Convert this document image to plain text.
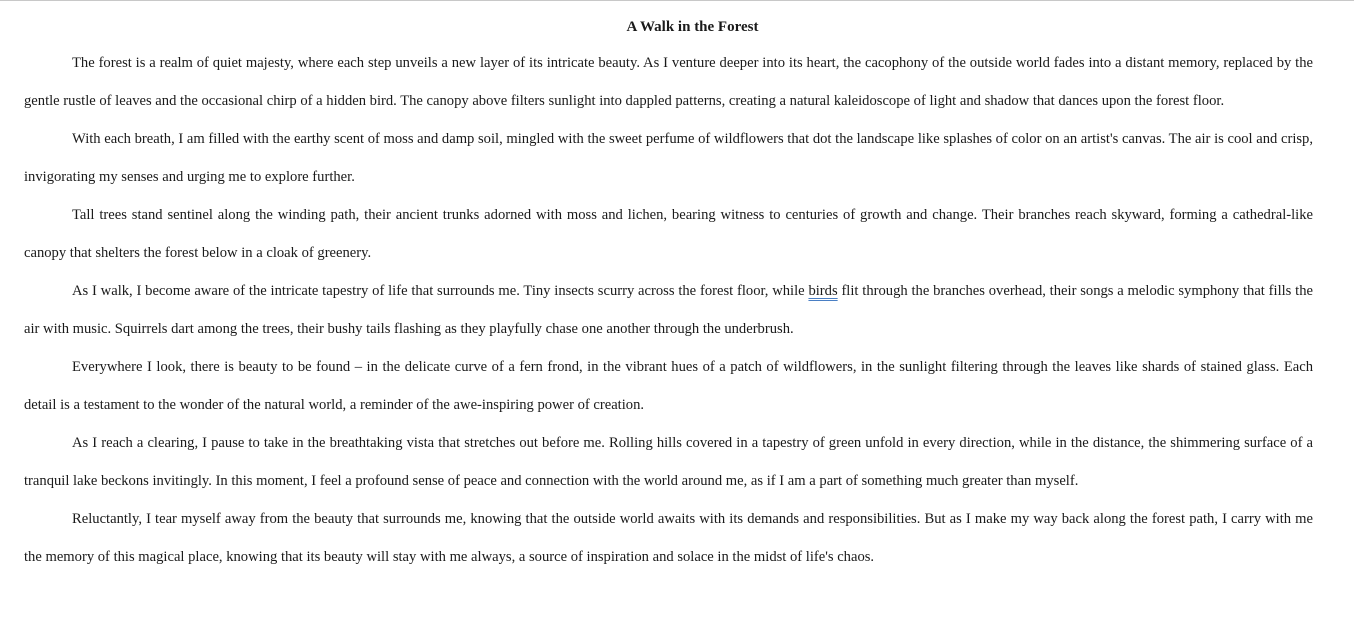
A Walk in the Forest

The forest is a realm of quiet majesty, where each step unveils a new layer of its intricate beauty. As I venture deeper into its heart, the cacophony of the outside world fades into a distant memory, replaced by the gentle rustle of leaves and the occasional chirp of a hidden bird. The canopy above filters sunlight into dappled patterns, creating a natural kaleidoscope of light and shadow that dances upon the forest floor.

With each breath, I am filled with the earthy scent of moss and damp soil, mingled with the sweet perfume of wildflowers that dot the landscape like splashes of color on an artist's canvas. The air is cool and crisp, invigorating my senses and urging me to explore further.

Tall trees stand sentinel along the winding path, their ancient trunks adorned with moss and lichen, bearing witness to centuries of growth and change. Their branches reach skyward, forming a cathedral-like canopy that shelters the forest below in a cloak of greenery.

As I walk, I become aware of the intricate tapestry of life that surrounds me. Tiny insects scurry across the forest floor, while birds flit through the branches overhead, their songs a melodic symphony that fills the air with music. Squirrels dart among the trees, their bushy tails flashing as they playfully chase one another through the underbrush.

Everywhere I look, there is beauty to be found – in the delicate curve of a fern frond, in the vibrant hues of a patch of wildflowers, in the sunlight filtering through the leaves like shards of stained glass. Each detail is a testament to the wonder of the natural world, a reminder of the awe-inspiring power of creation.

As I reach a clearing, I pause to take in the breathtaking vista that stretches out before me. Rolling hills covered in a tapestry of green unfold in every direction, while in the distance, the shimmering surface of a tranquil lake beckons invitingly. In this moment, I feel a profound sense of peace and connection with the world around me, as if I am a part of something much greater than myself.

Reluctantly, I tear myself away from the beauty that surrounds me, knowing that the outside world awaits with its demands and responsibilities. But as I make my way back along the forest path, I carry with me the memory of this magical place, knowing that its beauty will stay with me always, a source of inspiration and solace in the midst of life's chaos.
